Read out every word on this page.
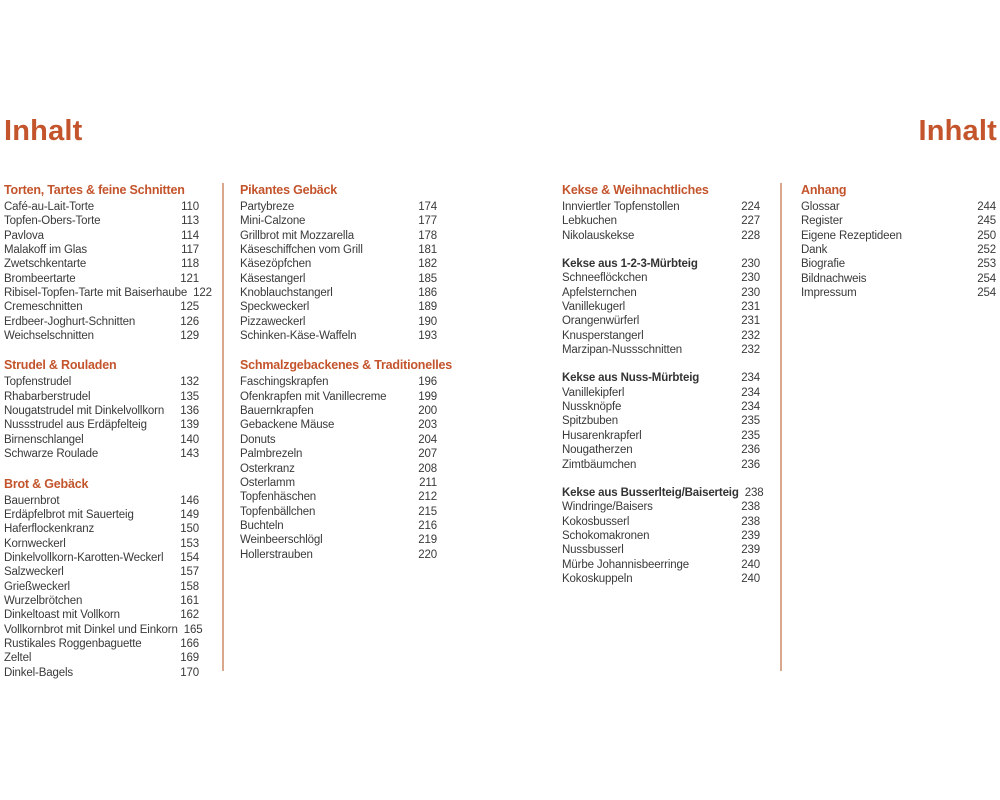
Inhalt	Inhalt
Torten, Tartes & feine Schnitten
Café-au-Lait-Torte	110
Topfen-Obers-Torte	113
Pavlova	114
Malakoff im Glas	117
Zwetschkentarte	118
Brombeertarte	121
Ribisel-Topfen-Tarte mit Baiserhaube 122
Cremeschnitten	125
Erdbeer-Joghurt-Schnitten	126
Weichselschnitten	129
Strudel & Rouladen
Topfenstrudel	132
Rhabarberstrudel	135
Nougatstrudel mit Dinkelvollkorn	136
Nussstrudel aus Erdäpfelteig	139
Birnenschlangel	140
Schwarze Roulade	143
Brot & Gebäck
Bauernbrot	146
Erdäpfelbrot mit Sauerteig	149
Haferflockenkranz	150
Kornweckerl	153
Dinkelvollkorn-Karotten-Weckerl	154
Salzweckerl	157
Grießweckerl	158
Wurzelbrötchen	161
Dinkeltoast mit Vollkorn	162
Vollkornbrot mit Dinkel und Einkorn 165
Rustikales Roggenbaguette	166
Zeltel	169
Dinkel-Bagels	170
Pikantes Gebäck
Partybreze	174
Mini-Calzone	177
Grillbrot mit Mozzarella	178
Käseschiffchen vom Grill	181
Käsezöpfchen	182
Käsestangerl	185
Knoblauchstangerl	186
Speckweckerl	189
Pizzaweckerl	190
Schinken-Käse-Waffeln	193
Schmalzgebackenes & Traditionelles
Faschingskrapfen	196
Ofenkrapfen mit Vanillecreme	199
Bauernkrapfen	200
Gebackene Mäuse	203
Donuts	204
Palmbrezeln	207
Osterkranz	208
Osterlamm	211
Topfenhäschen	212
Topfenbällchen	215
Buchteln	216
Weinbeerschlögl	219
Hollerstrauben	220
Kekse & Weihnachtliches
Innviertler Topfenstollen	224
Lebkuchen	227
Nikolauskekse	228
Kekse aus 1-2-3-Mürbteig	230
Schneeflöckchen	230
Apfelsternchen	230
Vanillekugerl	231
Orangenwürferl	231
Knusperstangerl	232
Marzipan-Nussschnitten	232
Kekse aus Nuss-Mürbteig	234
Vanillekipferl	234
Nussknöpfe	234
Spitzbuben	235
Husarenkrapferl	235
Nougatherzen	236
Zimtbäumchen	236
Kekse aus Busserlteig/Baiserteig 238
Windringe/Baisers	238
Kokosbusserl	238
Schokomakronen	239
Nussbusserl	239
Mürbe Johannisbeerringe	240
Kokoskuppeln	240
Anhang
Glossar	244
Register	245
Eigene Rezeptideen	250
Dank	252
Biografie	253
Bildnachweis	254
Impressum	254
